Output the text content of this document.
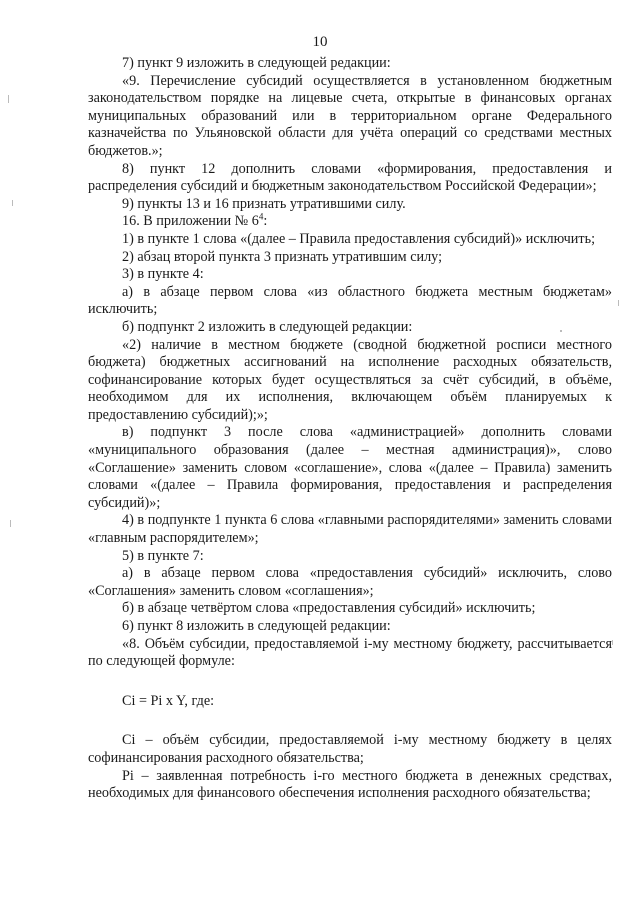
10

7) пункт 9 изложить в следующей редакции:

«9. Перечисление субсидий осуществляется в установленном бюджетным законодательством порядке на лицевые счета, открытые в финансовых органах муниципальных образований или в территориальном органе Федерального казначейства по Ульяновской области для учёта операций со средствами местных бюджетов.»;

8) пункт 12 дополнить словами «формирования, предоставления и распределения субсидий и бюджетным законодательством Российской Федерации»;

9) пункты 13 и 16 признать утратившими силу.

16. В приложении № $6^4$:

1) в пункте 1 слова «(далее – Правила предоставления субсидий)» исключить;

2) абзац второй пункта 3 признать утратившим силу;

3) в пункте 4:

а) в абзаце первом слова «из областного бюджета местным бюджетам» исключить;

б) подпункт 2 изложить в следующей редакции:

«2) наличие в местном бюджете (сводной бюджетной росписи местного бюджета) бюджетных ассигнований на исполнение расходных обязательств, софинансирование которых будет осуществляться за счёт субсидий, в объёме, необходимом для их исполнения, включающем объём планируемых к предоставлению субсидий);»;

в) подпункт 3 после слова «администрацией» дополнить словами «муниципального образования (далее – местная администрация)», слово «Соглашение» заменить словом «соглашение», слова «(далее – Правила) заменить словами «(далее – Правила формирования, предоставления и распределения субсидий)»;

4) в подпункте 1 пункта 6 слова «главными распорядителями» заменить словами «главным распорядителем»;

5) в пункте 7:

а) в абзаце первом слова «предоставления субсидий» исключить, слово «Соглашения» заменить словом «соглашения»;

б) в абзаце четвёртом слова «предоставления субсидий» исключить;

6) пункт 8 изложить в следующей редакции:

«8. Объём субсидии, предоставляемой i-му местному бюджету, рассчитывается по следующей формуле:

Ci = Pi x Y, где:

Ci – объём субсидии, предоставляемой i-му местному бюджету в целях софинансирования расходного обязательства;

Pi – заявленная потребность i-го местного бюджета в денежных средствах, необходимых для финансового обеспечения исполнения расходного обязательства;
